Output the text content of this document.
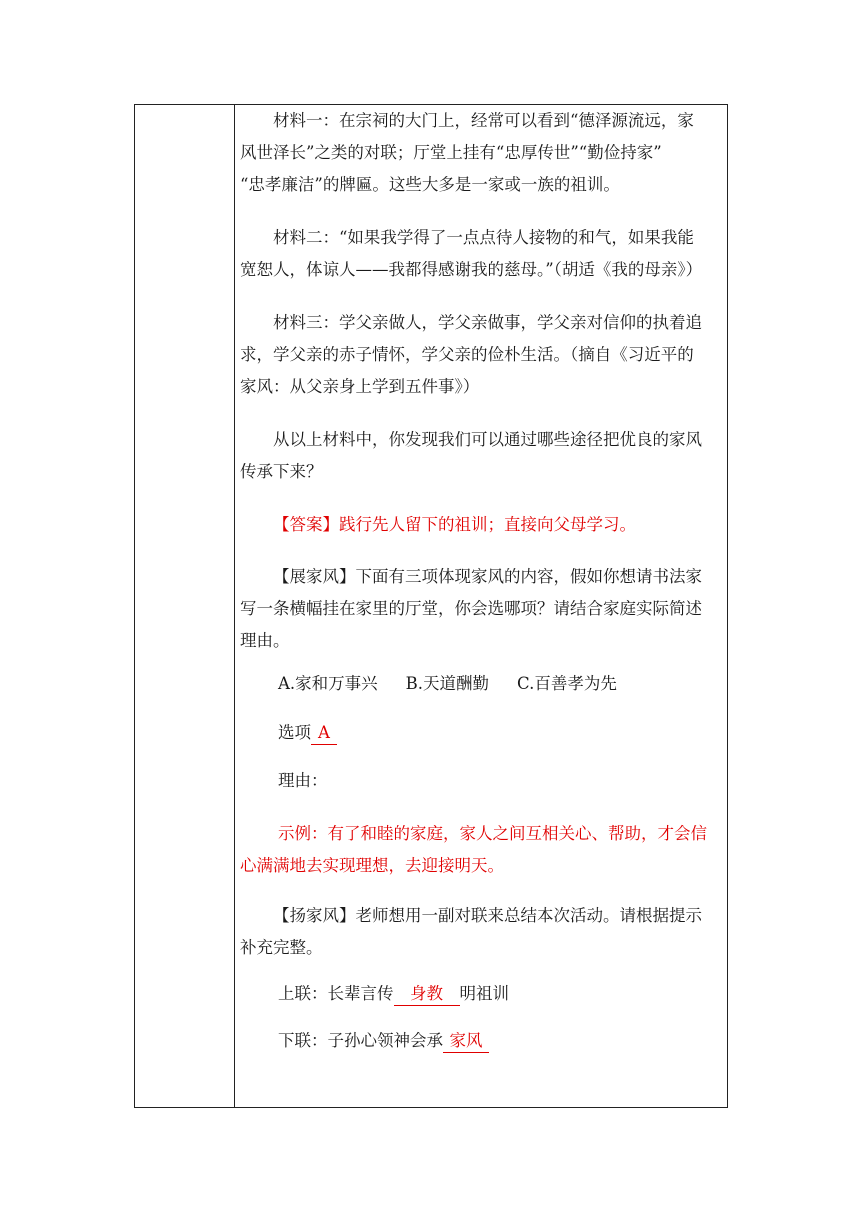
材料一：在宗祠的大门上，经常可以看到“德泽源流远，家

风世泽长”之类的对联；厅堂上挂有“忠厚传世”“勤俭持家”

“忠孝廉洁”的牌匾。这些大多是一家或一族的祖训。

材料二：“如果我学得了一点点待人接物的和气，如果我能

宽恕人，体谅人——我都得感谢我的慈母。”（胡适《我的母亲》）

材料三：学父亲做人，学父亲做事，学父亲对信仰的执着追

求，学父亲的赤子情怀，学父亲的俭朴生活。（摘自《习近平的

家风：从父亲身上学到五件事》）

从以上材料中，你发现我们可以通过哪些途径把优良的家风

传承下来？

【答案】践行先人留下的祖训；直接向父母学习。

【展家风】下面有三项体现家风的内容，假如你想请书法家

写一条横幅挂在家里的厅堂，你会选哪项？请结合家庭实际简述

理由。

A.家和万事兴 B.天道酬勤 C.百善孝为先
选项 A

理由：

示例：有了和睦的家庭，家人之间互相关心、帮助，才会信

心满满地去实现理想，去迎接明天。

【扬家风】老师想用一副对联来总结本次活动。请根据提示

补充完整。

上联：长辈言传 身教 明祖训
下联：子孙心领神会承 家风
